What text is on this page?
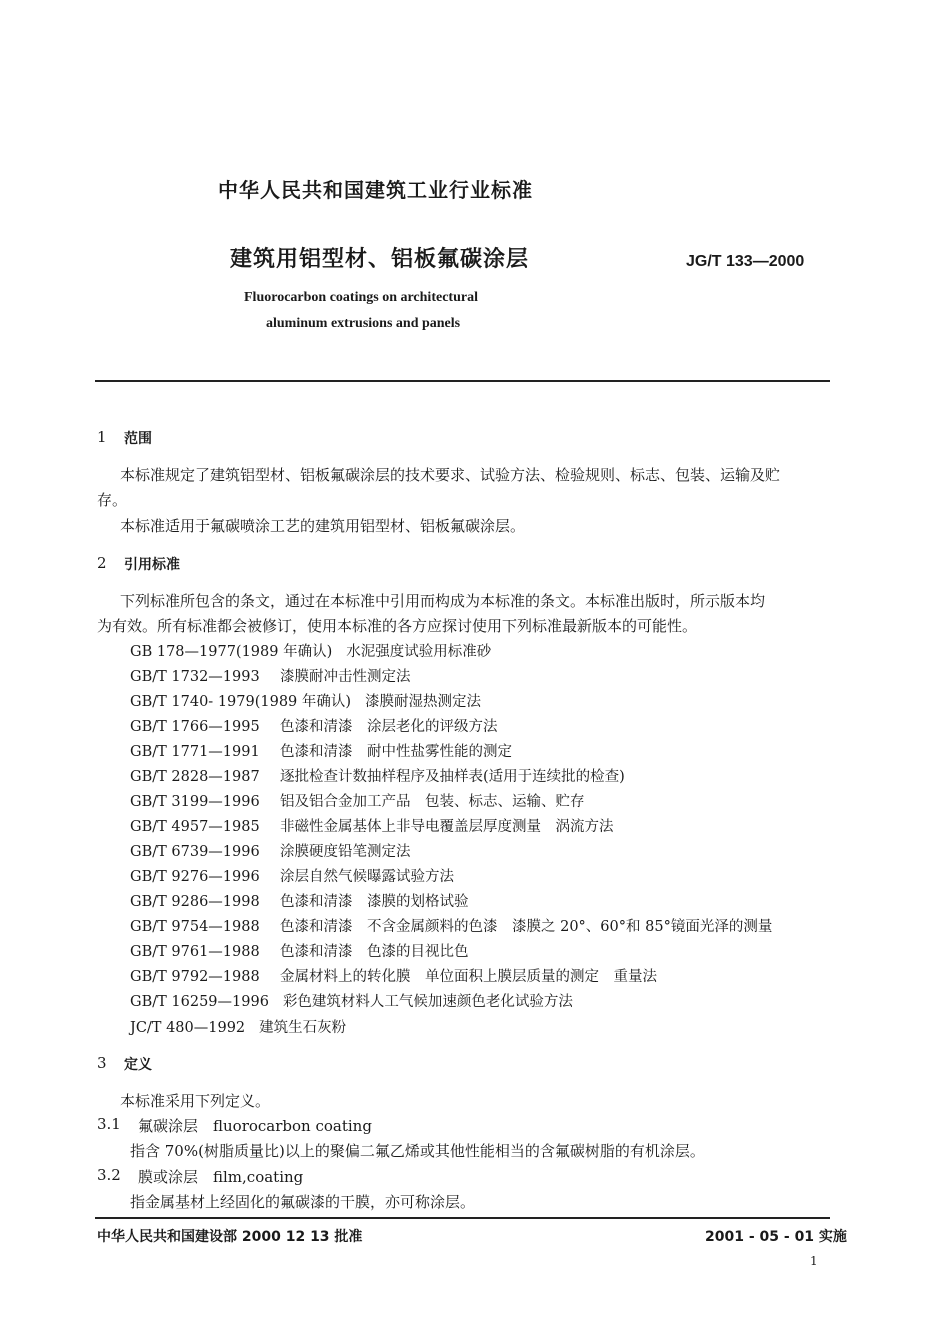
中华人民共和国建筑工业行业标准
建筑用铝型材、铝板氟碳涂层	JG/T 133—2000
Fluorocarbon coatings on architectural
aluminum extrusions and panels
1 范围
本标准规定了建筑铝型材、铝板氟碳涂层的技术要求、试验方法、检验规则、标志、包装、运输及贮
存。
本标准适用于氟碳喷涂工艺的建筑用铝型材、铝板氟碳涂层。
2 引用标准
下列标准所包含的条文，通过在本标准中引用而构成为本标准的条文。本标准出版时，所示版本均
为有效。所有标准都会被修订，使用本标准的各方应探讨使用下列标准最新版本的可能性。
GB 178—1977(1989 年确认) 水泥强度试验用标准砂
GB/T 1732—1993 漆膜耐冲击性测定法
GB/T 1740- 1979(1989 年确认) 漆膜耐湿热测定法
GB/T 1766—1995 色漆和清漆　涂层老化的评级方法
GB/T 1771—1991 色漆和清漆　耐中性盐雾性能的测定
GB/T 2828—1987 逐批检查计数抽样程序及抽样表(适用于连续批的检查)
GB/T 3199—1996 铝及铝合金加工产品　包装、标志、运输、贮存
GB/T 4957—1985 非磁性金属基体上非导电覆盖层厚度测量　涡流方法
GB/T 6739—1996 涂膜硬度铅笔测定法
GB/T 9276—1996 涂层自然气候曝露试验方法
GB/T 9286—1998 色漆和清漆　漆膜的划格试验
GB/T 9754—1988 色漆和清漆　不含金属颜料的色漆　漆膜之 20°、60°和 85°镜面光泽的测量
GB/T 9761—1988 色漆和清漆　色漆的目视比色
GB/T 9792—1988 金属材料上的转化膜　单位面积上膜层质量的测定　重量法
GB/T 16259—1996 彩色建筑材料人工气候加速颜色老化试验方法
JC/T 480—1992 建筑生石灰粉
3 定义
本标准采用下列定义。
3.1 氟碳涂层　fluorocarbon coating
指含 70%(树脂质量比)以上的聚偏二氟乙烯或其他性能相当的含氟碳树脂的有机涂层。
3.2 膜或涂层　film,coating
指金属基材上经固化的氟碳漆的干膜，亦可称涂层。
中华人民共和国建设部 2000 12 13 批准	2001 - 05 - 01 实施
1
